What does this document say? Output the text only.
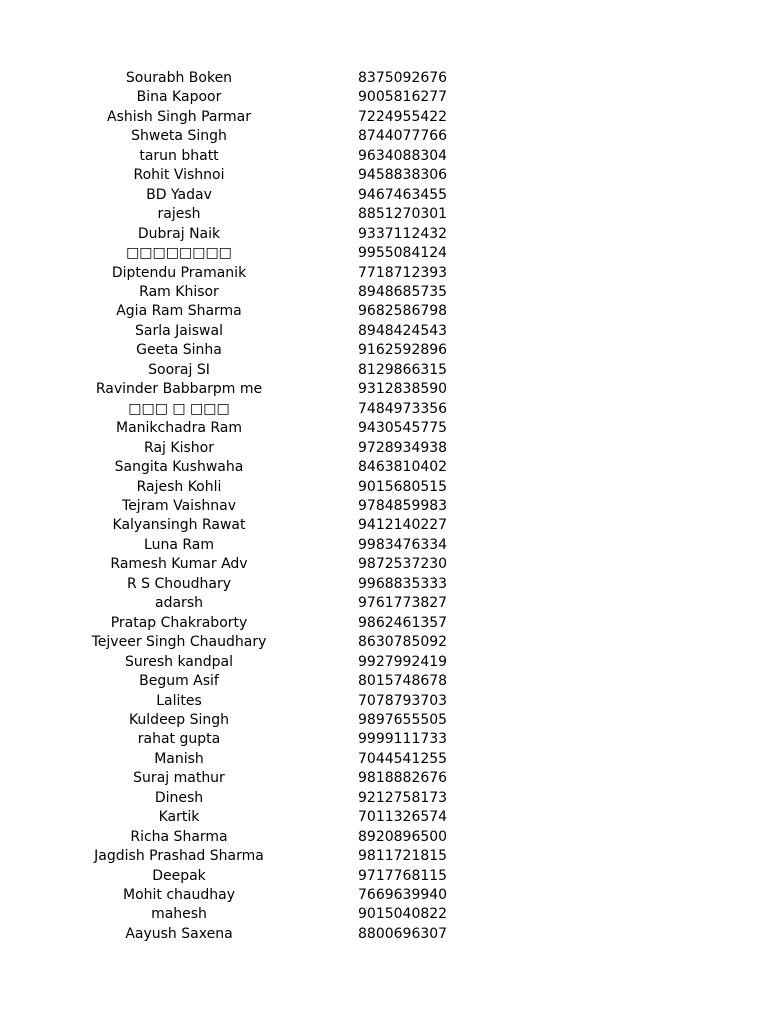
Sourabh Boken	8375092676
Bina Kapoor	9005816277
Ashish Singh Parmar	7224955422
Shweta Singh	8744077766
tarun bhatt	9634088304
Rohit Vishnoi	9458838306
BD Yadav	9467463455
rajesh	8851270301
Dubraj Naik	9337112432
□□□□□□□□	9955084124
Diptendu Pramanik	7718712393
Ram Khisor	8948685735
Agia Ram Sharma	9682586798
Sarla Jaiswal	8948424543
Geeta Sinha	9162592896
Sooraj SI	8129866315
Ravinder Babbarpm me	9312838590
□□□ □ □□□	7484973356
Manikchadra Ram	9430545775
Raj Kishor	9728934938
Sangita Kushwaha	8463810402
Rajesh Kohli	9015680515
Tejram Vaishnav	9784859983
Kalyansingh Rawat	9412140227
Luna Ram	9983476334
Ramesh Kumar Adv	9872537230
R S Choudhary	9968835333
adarsh	9761773827
Pratap Chakraborty	9862461357
Tejveer Singh Chaudhary	8630785092
Suresh kandpal	9927992419
Begum Asif	8015748678
Lalites	7078793703
Kuldeep Singh	9897655505
rahat gupta	9999111733
Manish	7044541255
Suraj mathur	9818882676
Dinesh	9212758173
Kartik	7011326574
Richa Sharma	8920896500
Jagdish Prashad Sharma	9811721815
Deepak	9717768115
Mohit chaudhay	7669639940
mahesh	9015040822
Aayush Saxena	8800696307
